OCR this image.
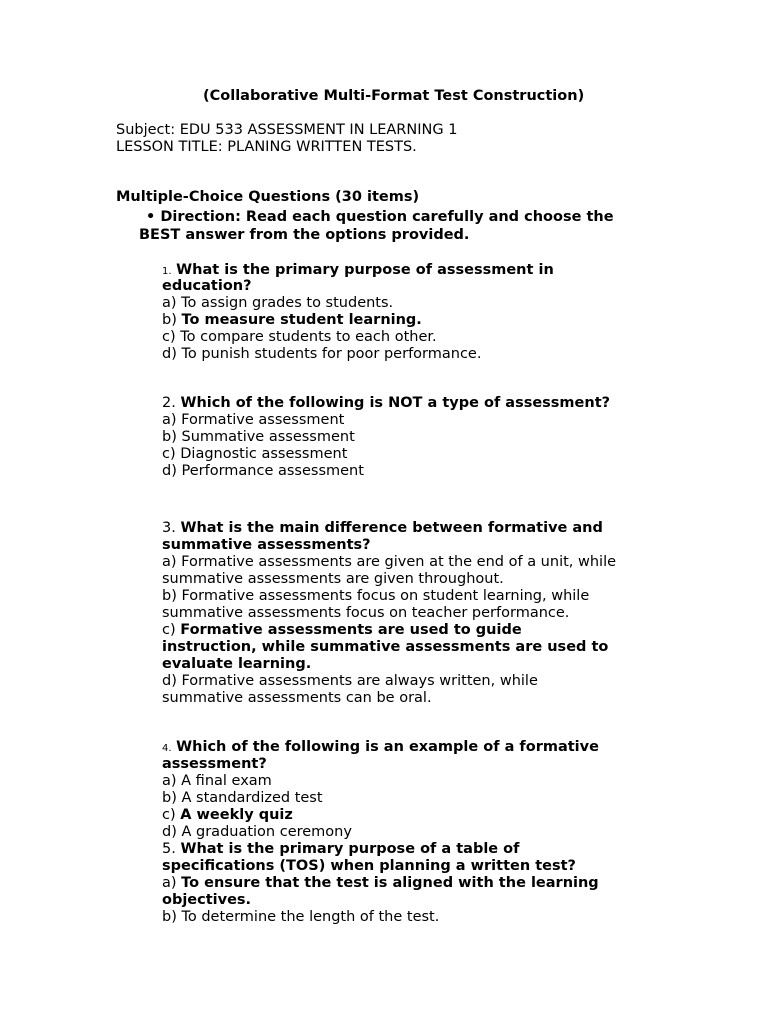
(Collaborative Multi-Format Test Construction)
Subject: EDU 533 ASSESSMENT IN LEARNING 1
LESSON TITLE: PLANING WRITTEN TESTS.
Multiple-Choice Questions (30 items)
• Direction: Read each question carefully and choose the
BEST answer from the options provided.
1. What is the primary purpose of assessment in
education?
a) To assign grades to students.
b) To measure student learning.
c) To compare students to each other.
d) To punish students for poor performance.
2. Which of the following is NOT a type of assessment?
a) Formative assessment
b) Summative assessment
c) Diagnostic assessment
d) Performance assessment
3. What is the main difference between formative and
summative assessments?
a) Formative assessments are given at the end of a unit, while
summative assessments are given throughout.
b) Formative assessments focus on student learning, while
summative assessments focus on teacher performance.
c) Formative assessments are used to guide
instruction, while summative assessments are used to
evaluate learning.
d) Formative assessments are always written, while
summative assessments can be oral.
4. Which of the following is an example of a formative
assessment?
a) A final exam
b) A standardized test
c) A weekly quiz
d) A graduation ceremony
5. What is the primary purpose of a table of
specifications (TOS) when planning a written test?
a) To ensure that the test is aligned with the learning
objectives.
b) To determine the length of the test.
